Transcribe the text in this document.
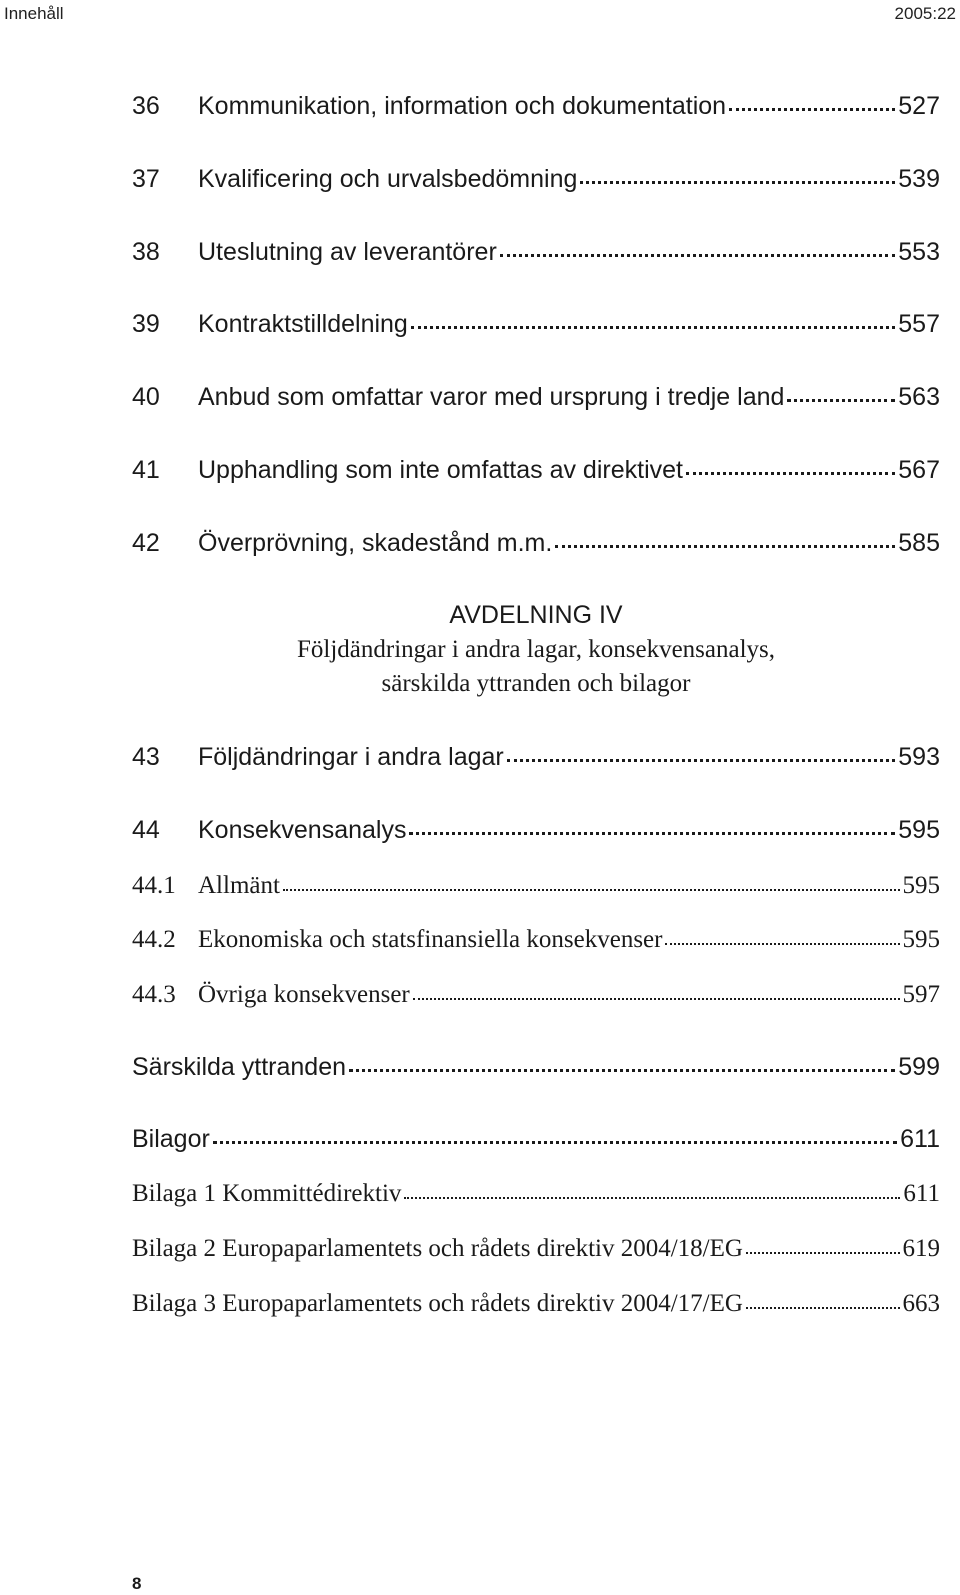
Innehåll	2005:22
36	Kommunikation, information och dokumentation	527
37	Kvalificering och urvalsbedömning	539
38	Uteslutning av leverantörer	553
39	Kontraktstilldelning	557
40	Anbud som omfattar varor med ursprung i tredje land	563
41	Upphandling som inte omfattas av direktivet	567
42	Överprövning, skadestånd m.m.	585
AVDELNING IV
Följdändringar i andra lagar, konsekvensanalys,
särskilda yttranden och bilagor
43	Följdändringar i andra lagar	593
44	Konsekvensanalys	595
44.1 Allmänt	595
44.2 Ekonomiska och statsfinansiella konsekvenser	595
44.3 Övriga konsekvenser	597
Särskilda yttranden	599
Bilagor	611
Bilaga 1 Kommittédirektiv	611
Bilaga 2 Europaparlamentets och rådets direktiv 2004/18/EG	619
Bilaga 3 Europaparlamentets och rådets direktiv 2004/17/EG	663
8
